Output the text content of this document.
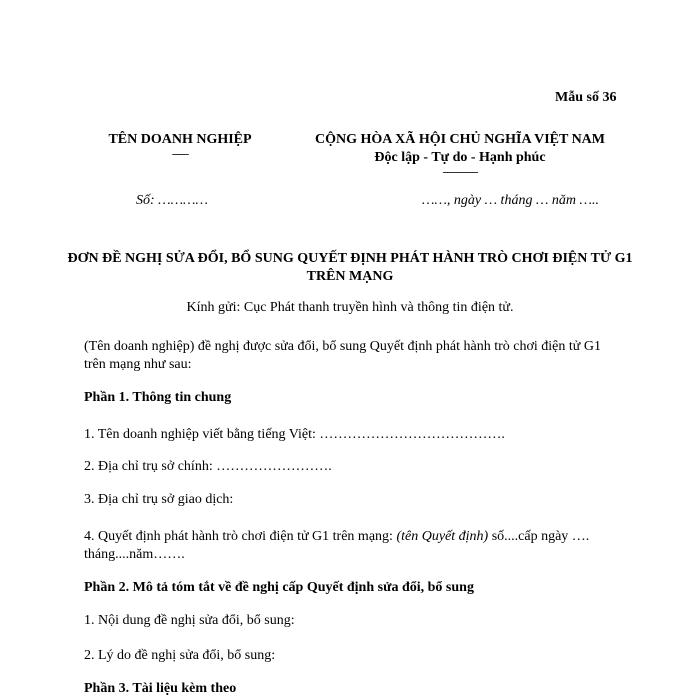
Mẫu số 36
TÊN DOANH NGHIỆP
-------
CỘNG HÒA XÃ HỘI CHỦ NGHĨA VIỆT NAM
Độc lập - Tự do - Hạnh phúc
---------------
Số: …………	……, ngày … tháng … năm …..
ĐƠN ĐỀ NGHỊ SỬA ĐỔI, BỔ SUNG QUYẾT ĐỊNH PHÁT HÀNH TRÒ CHƠI ĐIỆN TỬ G1 TRÊN MẠNG
Kính gửi: Cục Phát thanh truyền hình và thông tin điện tử.
(Tên doanh nghiệp) đề nghị được sửa đổi, bổ sung Quyết định phát hành trò chơi điện tử G1 trên mạng như sau:
Phần 1. Thông tin chung
1. Tên doanh nghiệp viết bằng tiếng Việt: ………………………………….
2. Địa chỉ trụ sở chính: …………………….
3. Địa chỉ trụ sở giao dịch:
4. Quyết định phát hành trò chơi điện tử G1 trên mạng: (tên Quyết định) số....cấp ngày …. tháng....năm…….
Phần 2. Mô tả tóm tắt về đề nghị cấp Quyết định sửa đổi, bổ sung
1. Nội dung đề nghị sửa đổi, bổ sung:
2. Lý do đề nghị sửa đổi, bổ sung:
Phần 3. Tài liệu kèm theo
